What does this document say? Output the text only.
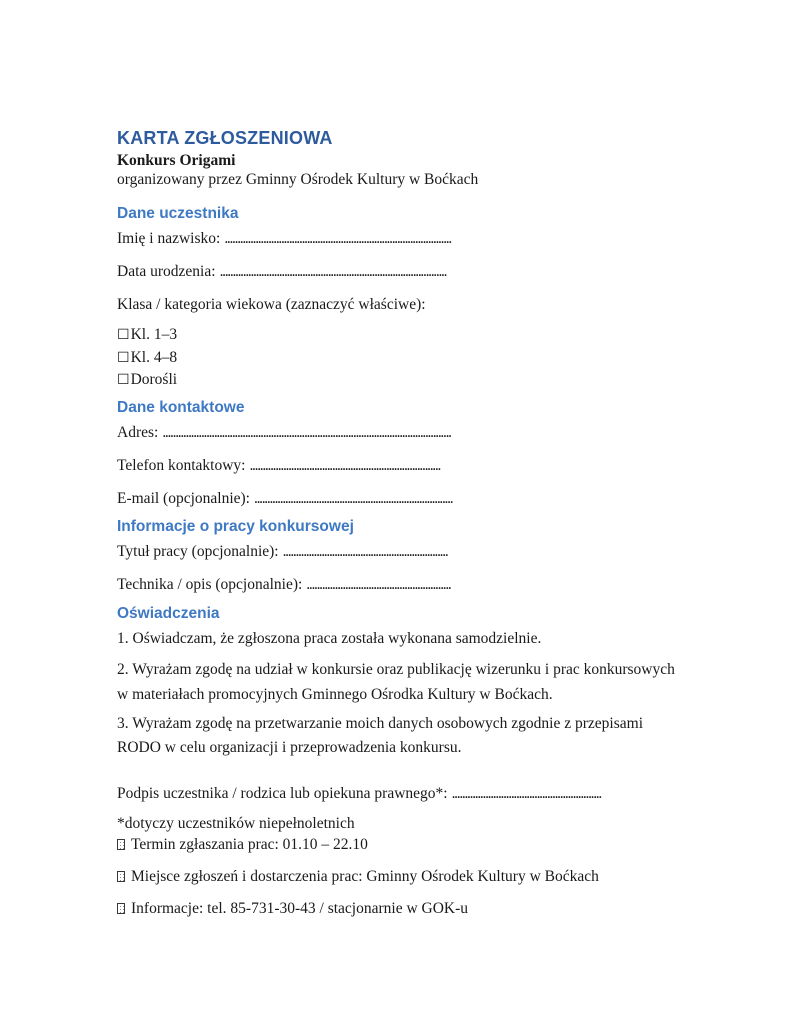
KARTA ZGŁOSZENIOWA

Konkurs Origami

organizowany przez Gminny Ośrodek Kultury w Boćkach

Dane uczestnika

Imię i nazwisko: ........................................................................................

Data urodzenia: ........................................................................................

Klasa / kategoria wiekowa (zaznaczyć właściwe):

☐Kl. 1–3
☐Kl. 4–8
☐Dorośli
Dane kontaktowe

Adres: ................................................................................................................

Telefon kontaktowy: ..........................................................................

E-mail (opcjonalnie): .............................................................................

Informacje o pracy konkursowej

Tytuł pracy (opcjonalnie): ................................................................

Technika / opis (opcjonalnie): ........................................................

Oświadczenia

1. Oświadczam, że zgłoszona praca została wykonana samodzielnie.

2. Wyrażam zgodę na udział w konkursie oraz publikację wizerunku i prac konkursowych w materiałach promocyjnych Gminnego Ośrodka Kultury w Boćkach.

3. Wyrażam zgodę na przetwarzanie moich danych osobowych zgodnie z przepisami RODO w celu organizacji i przeprowadzenia konkursu.

Podpis uczestnika / rodzica lub opiekuna prawnego*: ..........................................................

*dotyczy uczestników niepełnoletnich
Termin zgłaszania prac: 01.10 – 22.10

Miejsce zgłoszeń i dostarczenia prac: Gminny Ośrodek Kultury w Boćkach

Informacje: tel. 85-731-30-43 / stacjonarnie w GOK-u
